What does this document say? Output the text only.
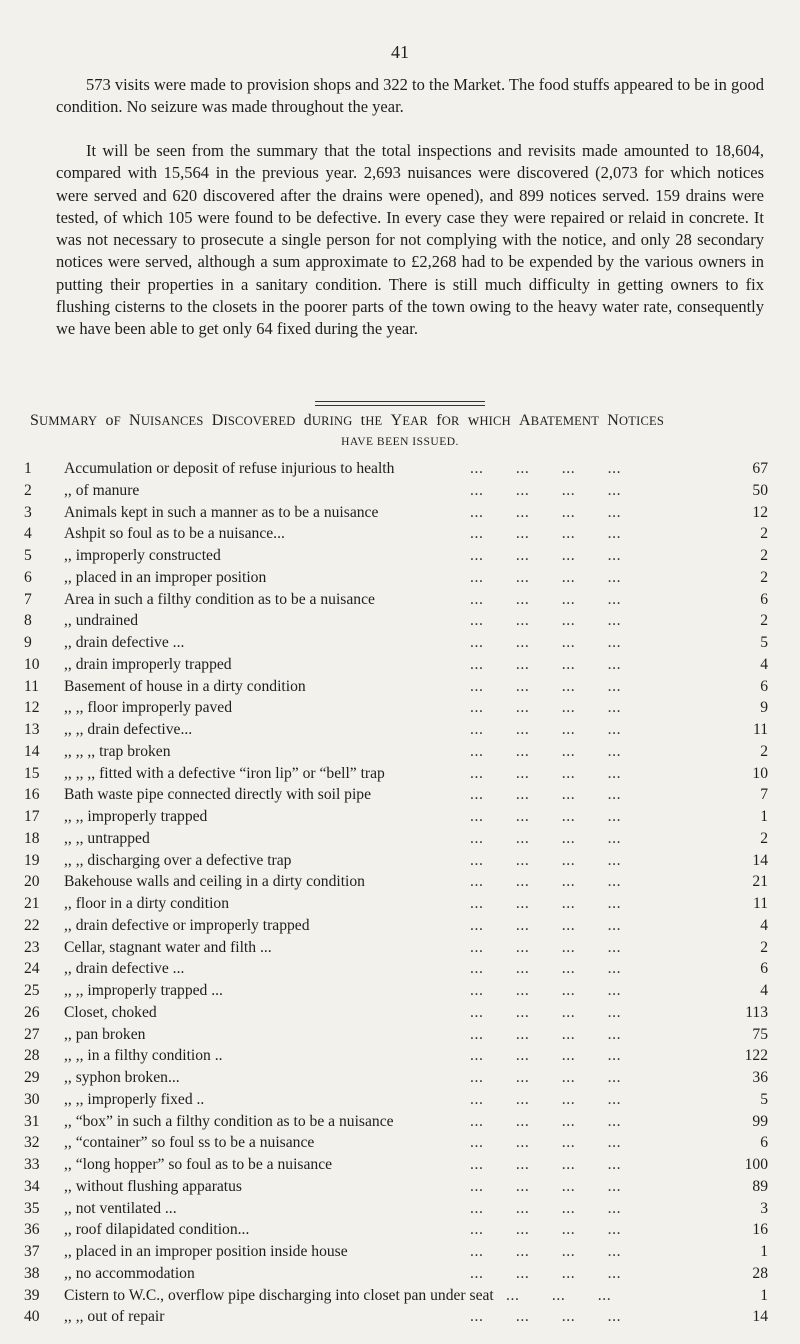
41

573 visits were made to provision shops and 322 to the Market. The food stuffs appeared to be in good condition. No seizure was made throughout the year.

It will be seen from the summary that the total inspections and revisits made amounted to 18,604, compared with 15,564 in the previous year. 2,693 nuisances were discovered (2,073 for which notices were served and 620 discovered after the drains were opened), and 899 notices served. 159 drains were tested, of which 105 were found to be defective. In every case they were repaired or relaid in concrete. It was not necessary to prosecute a single person for not complying with the notice, and only 28 secondary notices were served, although a sum approximate to £2,268 had to be expended by the various owners in putting their properties in a sanitary condition. There is still much difficulty in getting owners to fix flushing cisterns to the closets in the poorer parts of the town owing to the heavy water rate, consequently we have been able to get only 64 fixed during the year.

SUMMARY  oF  NUISANCES  DISCOVERED  dURING  tHE  YEAR  fOR  wHICH  ABATEMENT  NOTICES
HAVE BEEN ISSUED.
1	Accumulation or deposit of refuse injurious to health	...  ...  ...  ...  	67
2	,, of manure	...  ...  ...  ...  	50
3	Animals kept in such a manner as to be a nuisance	...  ...  ...  ...  	12
4	Ashpit so foul as to be a nuisance...	...  ...  ...  ...  	2
5	,, improperly constructed	...  ...  ...  ...  	2
6	,, placed in an improper position	...  ...  ...  ...  	2
7	Area in such a filthy condition as to be a nuisance	...  ...  ...  ...  	6
8	,, undrained	...  ...  ...  ...  	2
9	,, drain defective ...	...  ...  ...  ...  	5
10	,, drain improperly trapped	...  ...  ...  ...  	4
11	Basement of house in a dirty condition	...  ...  ...  ...  	6
12	,, ,, floor improperly paved	...  ...  ...  ...  	9
13	,, ,, drain defective...	...  ...  ...  ...  	11
14	,, ,, ,, trap broken	...  ...  ...  ...  	2
15	,, ,, ,, fitted with a defective “iron lip” or “bell” trap	...  ...  ...  ...  	10
16	Bath waste pipe connected directly with soil pipe	...  ...  ...  ...  	7
17	,, ,, improperly trapped	...  ...  ...  ...  	1
18	,, ,, untrapped	...  ...  ...  ...  	2
19	,, ,, discharging over a defective trap	...  ...  ...  ...  	14
20	Bakehouse walls and ceiling in a dirty condition	...  ...  ...  ...  	21
21	,, floor in a dirty condition	...  ...  ...  ...  	11
22	,, drain defective or improperly trapped	...  ...  ...  ...  	4
23	Cellar, stagnant water and filth ...	...  ...  ...  ...  	2
24	,, drain defective ...	...  ...  ...  ...  	6
25	,, ,, improperly trapped ...	...  ...  ...  ...  	4
26	Closet, choked	...  ...  ...  ...  	113
27	,, pan broken	...  ...  ...  ...  	75
28	,, ,, in a filthy condition ..	...  ...  ...  ...  	122
29	,, syphon broken...	...  ...  ...  ...  	36
30	,, ,, improperly fixed ..	...  ...  ...  ...  	5
31	,, “box” in such a filthy condition as to be a nuisance	...  ...  ...  ...  	99
32	,, “container” so foul ss to be a nuisance	...  ...  ...  ...  	6
33	,, “long hopper” so foul as to be a nuisance	...  ...  ...  ...  	100
34	,, without flushing apparatus	...  ...  ...  ...  	89
35	,, not ventilated ...	...  ...  ...  ...  	3
36	,, roof dilapidated condition...	...  ...  ...  ...  	16
37	,, placed in an improper position inside house	...  ...  ...  ...  	1
38	,, no accommodation	...  ...  ...  ...  	28
39	Cistern to W.C., overflow pipe discharging into closet pan under seat ...  ...  ...  	1
40	,, ,, out of repair	...  ...  ...  ...  	14
